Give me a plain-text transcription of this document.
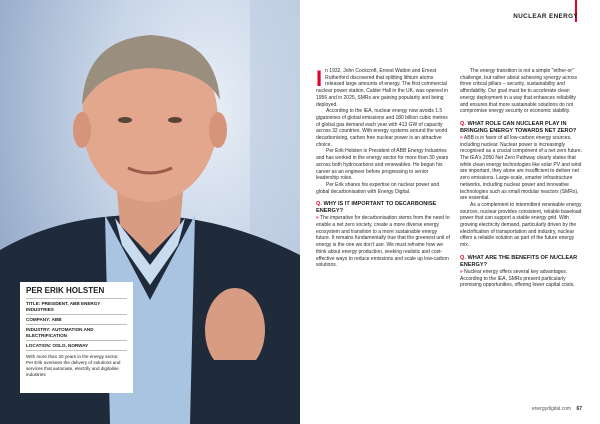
PER ERIK HOLSTEN
TITLE: PRESIDENT, ABB ENERGY INDUSTRIES
COMPANY: ABB
INDUSTRY: AUTOMATION AND ELECTRIFICATION
LOCATION: OSLO, NORWAY
With more than 30 years in the energy sector, Per Erik oversees the delivery of solutions and services that automate, electrify and digitalise industries
NUCLEAR ENERGY

In 1932, John Cockcroft, Ernest Walton and Ernest Rutherford discovered that splitting lithium atoms released large amounts of energy. The first commercial nuclear power station, Calder Hall in the UK, was opened in 1956 and in 2025, SMRs are gaining popularity and being deployed.

According to the IEA, nuclear energy now avoids 1.5 gigatonnes of global emissions and 180 billion cubic metres of global gas demand each year with 413 GW of capacity across 32 countries. With energy systems around the world decarbonising, carbon free nuclear power is an attractive choice.

Per Erik Holsten is President of ABB Energy Industries and has worked in the energy sector for more than 30 years across both hydrocarbons and renewables. He began his career as an engineer before progressing to senior leadership roles.

Per Erik shares his expertise on nuclear power and global decarbonisation with Energy Digital.

Q. WHY IS IT IMPORTANT TO DECARBONISE ENERGY?

» The imperative for decarbonisation stems from the need to enable a net zero society, create a more diverse energy ecosystem and transition to a more sustainable energy future. It remains fundamentally true that the greenest unit of energy is the one we don't use. We must reframe how we think about energy production, seeking realistic and cost-effective ways to reduce emissions and scale up low-carbon solutions.

The energy transition is not a simple "either-or" challenge, but rather about achieving synergy across three critical pillars – security, sustainability and affordability. Our goal must be to accelerate clean energy deployment in a way that enhances reliability and ensures that more sustainable solutions do not compromise energy security or economic stability.

Q. WHAT ROLE CAN NUCLEAR PLAY IN BRINGING ENERGY TOWARDS NET ZERO?

» ABB is in favor of all low-carbon energy sources, including nuclear. Nuclear power is increasingly recognised as a crucial component of a net zero future. The IEA's 2050 Net Zero Pathway clearly states that while clean energy technologies like solar PV and wind are important, they alone are insufficient to deliver net zero emissions. Large-scale, smarter infrastructure networks, including nuclear power and innovative technologies such as small modular reactors (SMRs), are essential.

As a complement to intermittent renewable energy sources, nuclear provides consistent, reliable baseload power that can support a stable energy grid. With growing electricity demand, particularly driven by the electrification of transportation and industry, nuclear offers a reliable solution as part of the future energy mix.

Q. WHAT ARE THE BENEFITS OF NUCLEAR ENERGY?

» Nuclear energy offers several key advantages. According to the IEA, SMRs present particularly promising opportunities, offering lower capital costs,

energydigital.com 67
